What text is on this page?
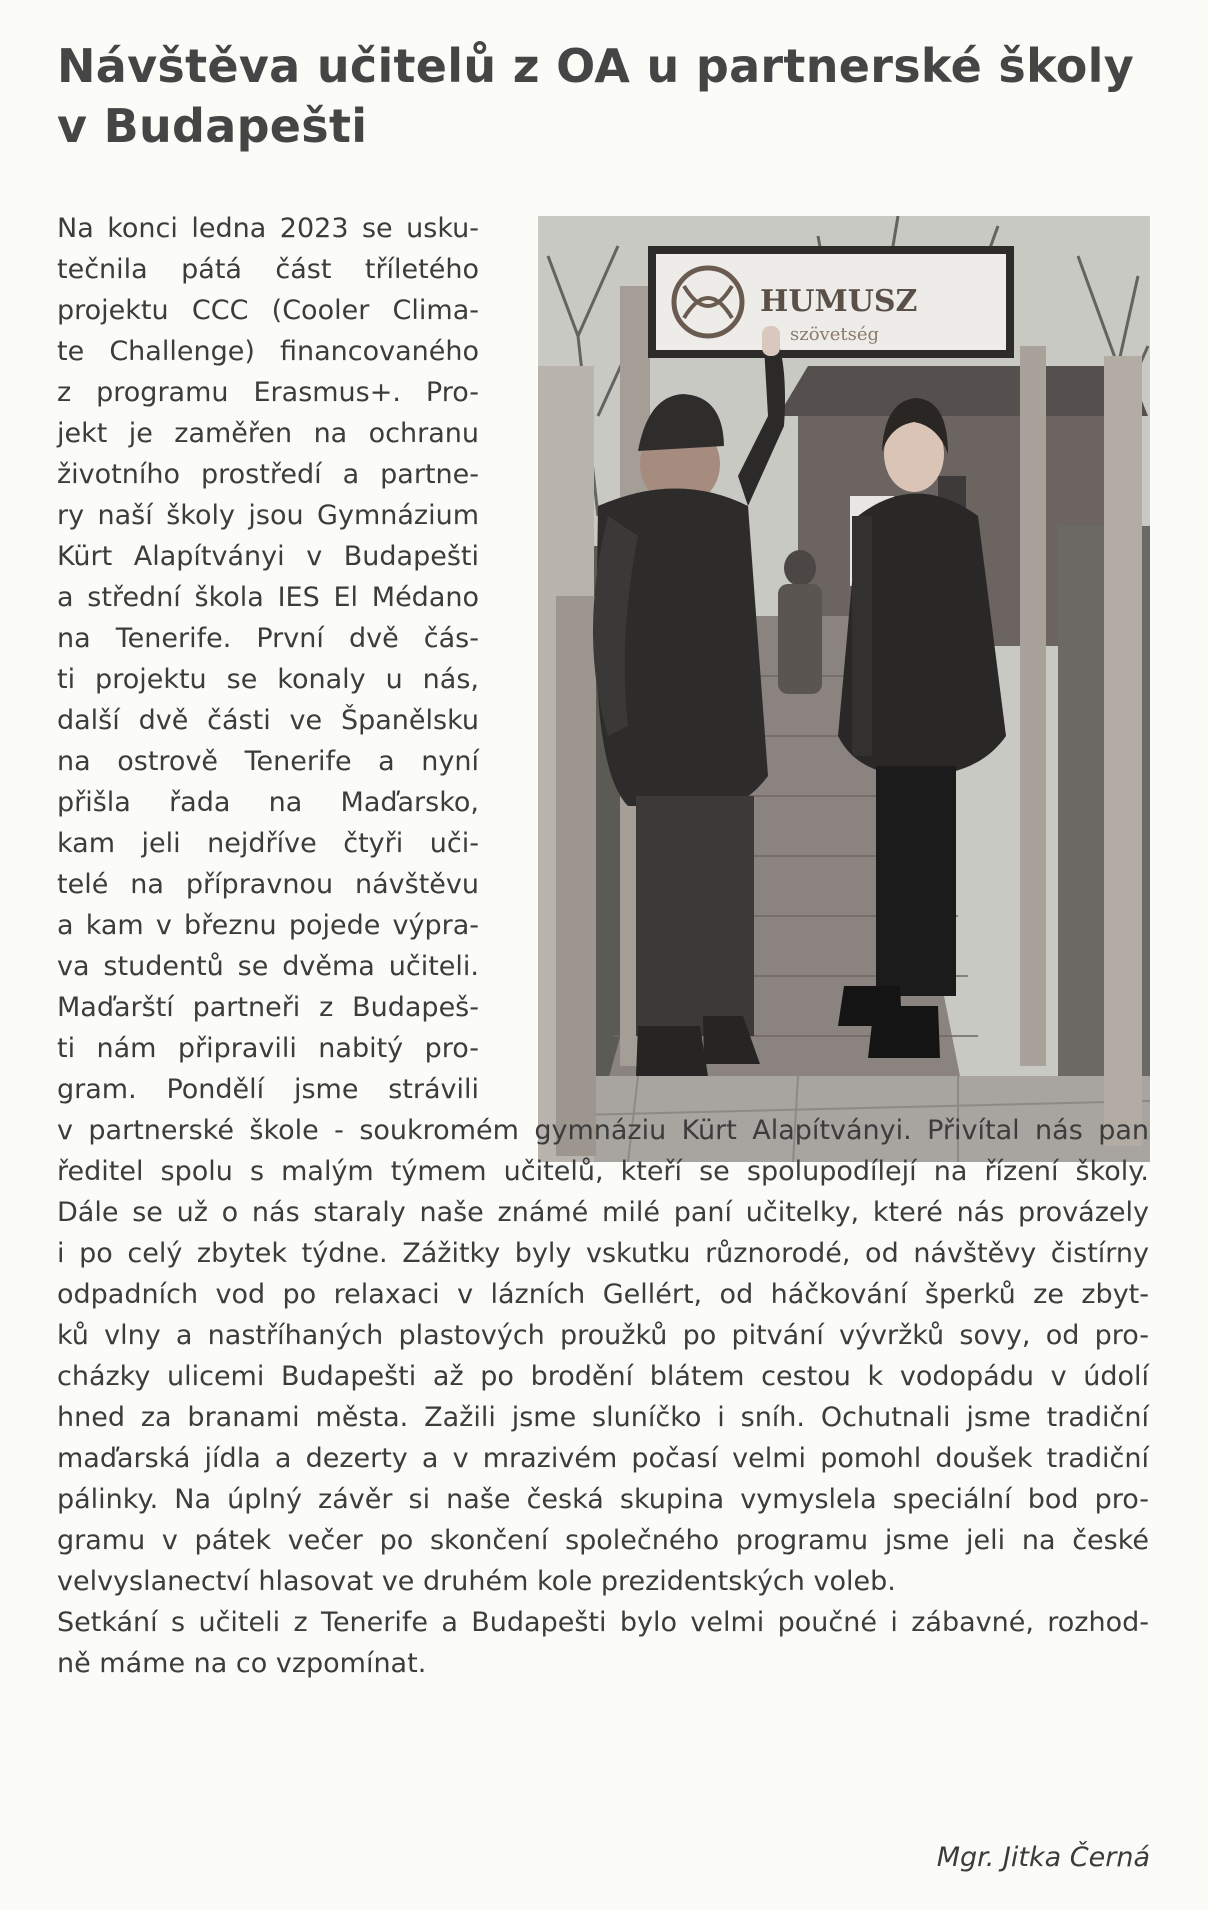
Návštěva učitelů z OA u partnerské školy
v Budapešti
Na konci ledna 2023 se usku-
tečnila pátá část tříletého
projektu CCC (Cooler Clima-
te Challenge) financovaného
z programu Erasmus+. Pro-
jekt je zaměřen na ochranu
životního prostředí a partne-
ry naší školy jsou Gymnázium
Kürt Alapítványi v Budapešti
a střední škola IES El Médano
na Tenerife. První dvě čás-
ti projektu se konaly u nás,
další dvě části ve Španělsku
na ostrově Tenerife a nyní
přišla řada na Maďarsko,
kam jeli nejdříve čtyři uči-
telé na přípravnou návštěvu
a kam v březnu pojede výpra-
va studentů se dvěma učiteli.
Maďarští partneři z Budapeš-
ti nám připravili nabitý pro-
gram. Pondělí jsme strávili
HUMUSZ
szövetség
v partnerské škole - soukromém gymnáziu Kürt Alapítványi. Přivítal nás pan
ředitel spolu s malým týmem učitelů, kteří se spolupodílejí na řízení školy.
Dále se už o nás staraly naše známé milé paní učitelky, které nás provázely
i po celý zbytek týdne. Zážitky byly vskutku různorodé, od návštěvy čistírny
odpadních vod po relaxaci v lázních Gellért, od háčkování šperků ze zbyt-
ků vlny a nastříhaných plastových proužků po pitvání vývržků sovy, od pro-
cházky ulicemi Budapešti až po brodění blátem cestou k vodopádu v údolí
hned za branami města. Zažili jsme sluníčko i sníh. Ochutnali jsme tradiční
maďarská jídla a dezerty a v mrazivém počasí velmi pomohl doušek tradiční
pálinky. Na úplný závěr si naše česká skupina vymyslela speciální bod pro-
gramu v pátek večer po skončení společného programu jsme jeli na české
velvyslanectví hlasovat ve druhém kole prezidentských voleb.
Setkání s učiteli z Tenerife a Budapešti bylo velmi poučné i zábavné, rozhod-
ně máme na co vzpomínat.
Mgr. Jitka Černá
